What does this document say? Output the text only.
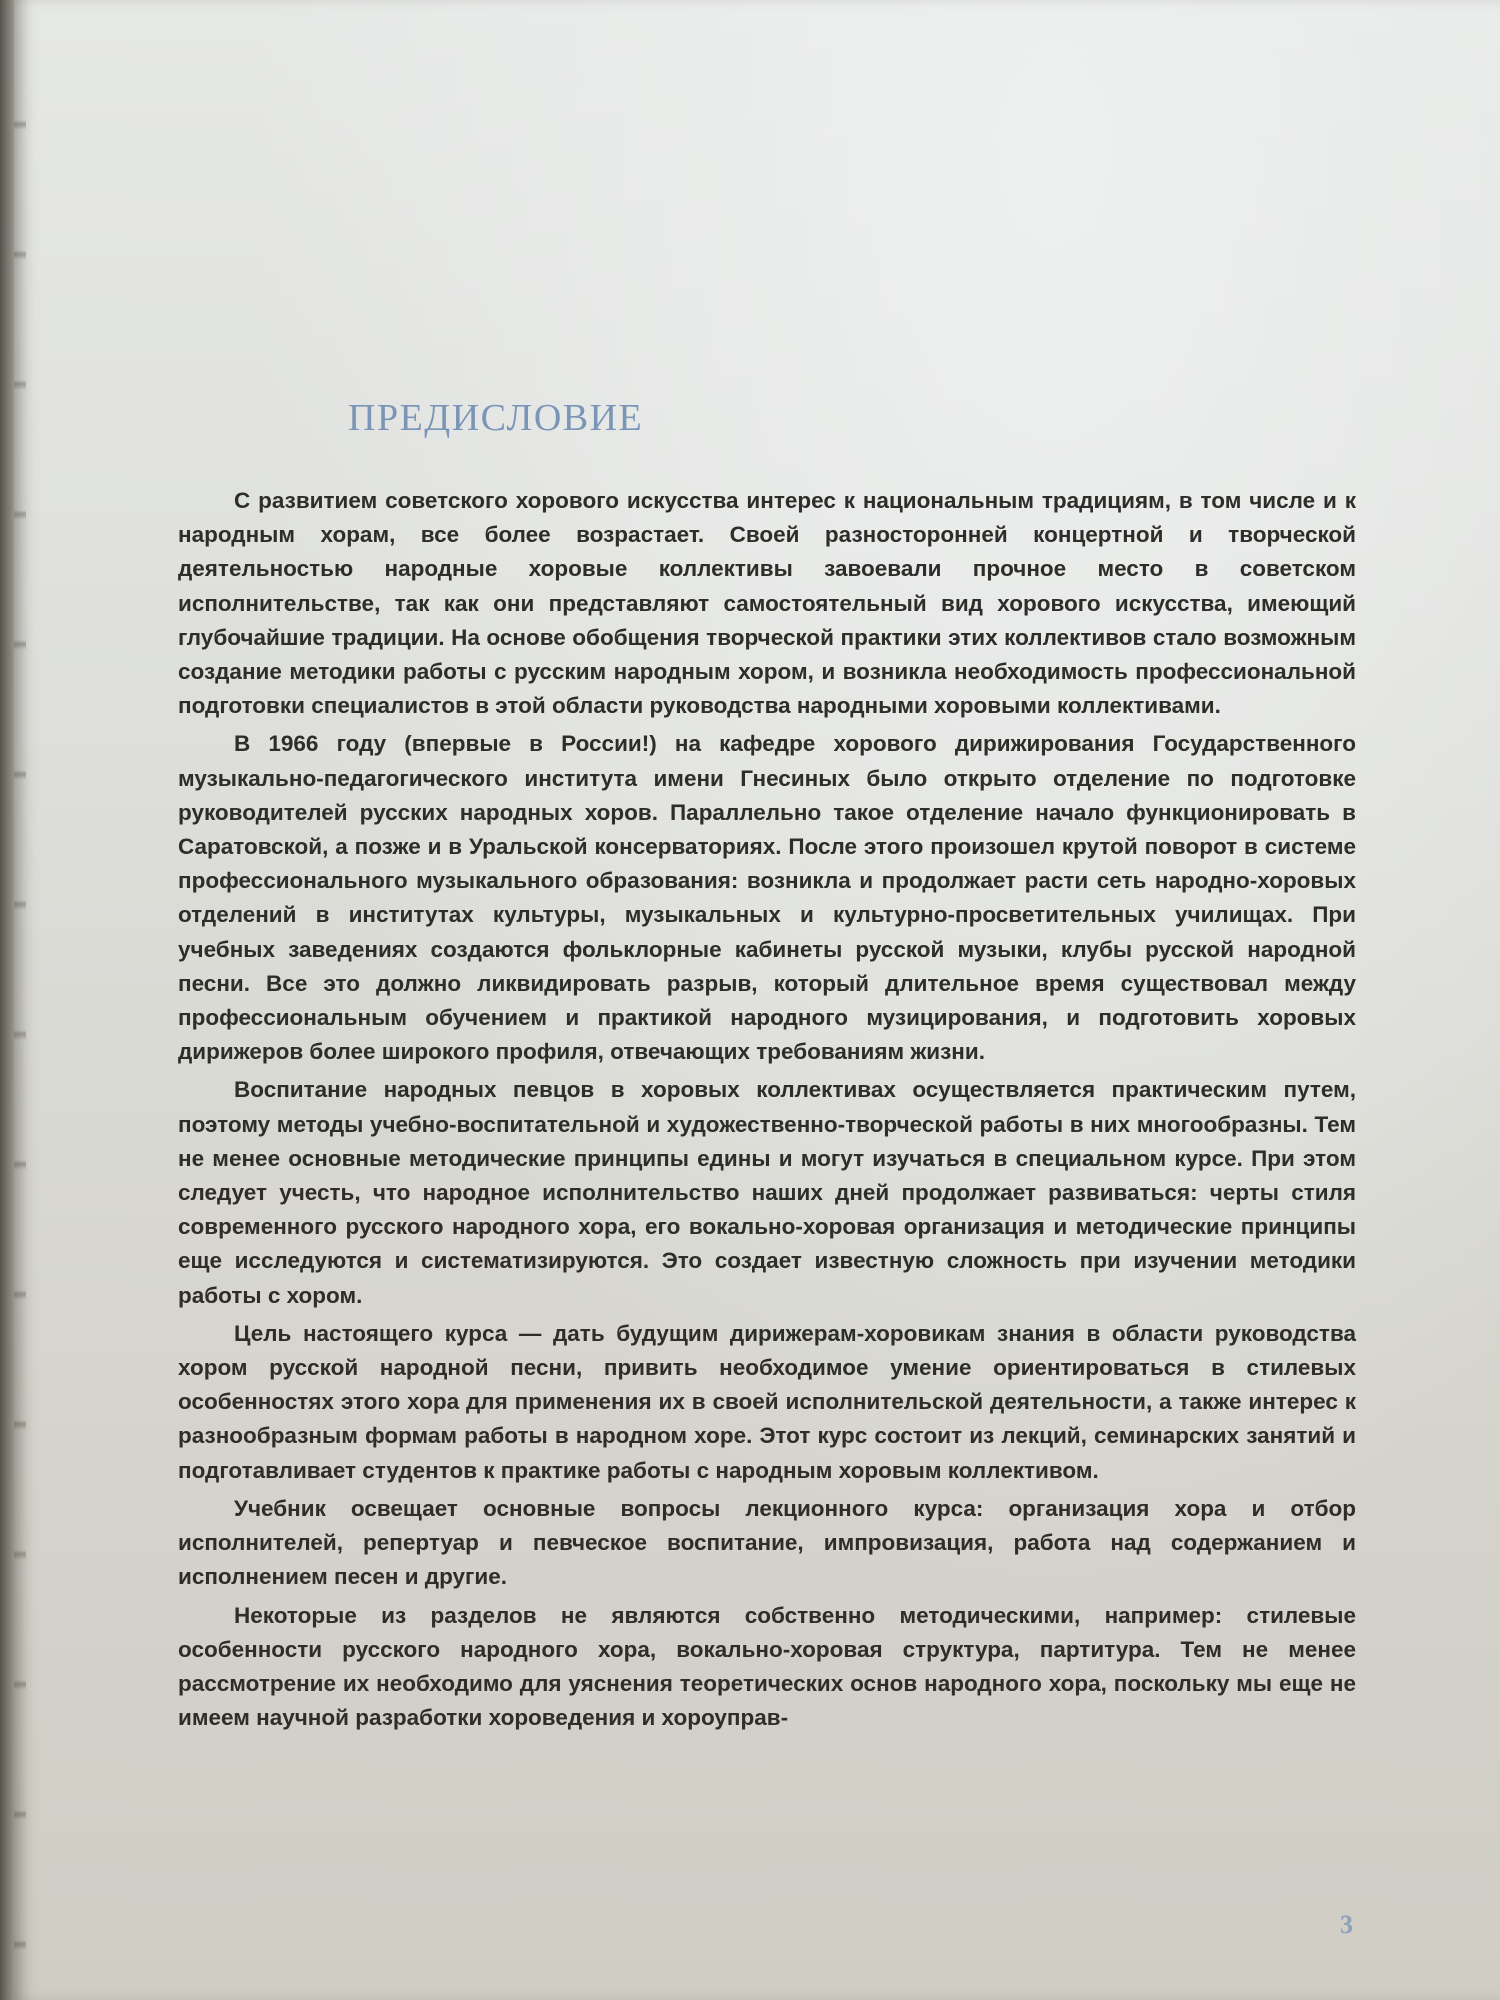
ПРЕДИСЛОВИЕ

С развитием советского хорового искусства интерес к национальным традициям, в том числе и к народным хорам, все более возрастает. Своей разносторонней концертной и творческой деятельностью народные хоровые коллективы завоевали прочное место в советском исполнительстве, так как они представляют самостоятельный вид хорового искусства, имеющий глубочайшие традиции. На основе обобщения творческой практики этих коллективов стало возможным создание методики работы с русским народным хором, и возникла необходимость профессиональной подготовки специалистов в этой области руководства народными хоровыми коллективами.

В 1966 году (впервые в России!) на кафедре хорового дирижирования Государственного музыкально-педагогического института имени Гнесиных было открыто отделение по подготовке руководителей русских народных хоров. Параллельно такое отделение начало функционировать в Саратовской, а позже и в Уральской консерваториях. После этого произошел крутой поворот в системе профессионального музыкального образования: возникла и продолжает расти сеть народно-хоровых отделений в институтах культуры, музыкальных и культурно-просветительных училищах. При учебных заведениях создаются фольклорные кабинеты русской музыки, клубы русской народной песни. Все это должно ликвидировать разрыв, который длительное время существовал между профессиональным обучением и практикой народного музицирования, и подготовить хоровых дирижеров более широкого профиля, отвечающих требованиям жизни.

Воспитание народных певцов в хоровых коллективах осуществляется практическим путем, поэтому методы учебно-воспитательной и художественно-творческой работы в них многообразны. Тем не менее основные методические принципы едины и могут изучаться в специальном курсе. При этом следует учесть, что народное исполнительство наших дней продолжает развиваться: черты стиля современного русского народного хора, его вокально-хоровая организация и методические принципы еще исследуются и систематизируются. Это создает известную сложность при изучении методики работы с хором.

Цель настоящего курса — дать будущим дирижерам-хоровикам знания в области руководства хором русской народной песни, привить необходимое умение ориентироваться в стилевых особенностях этого хора для применения их в своей исполнительской деятельности, а также интерес к разнообразным формам работы в народном хоре. Этот курс состоит из лекций, семинарских занятий и подготавливает студентов к практике работы с народным хоровым коллективом.

Учебник освещает основные вопросы лекционного курса: организация хора и отбор исполнителей, репертуар и певческое воспитание, импровизация, работа над содержанием и исполнением песен и другие.

Некоторые из разделов не являются собственно методическими, например: стилевые особенности русского народного хора, вокально-хоровая структура, партитура. Тем не менее рассмотрение их необходимо для уяснения теоретических основ народного хора, поскольку мы еще не имеем научной разработки хороведения и хороуправ-

3
